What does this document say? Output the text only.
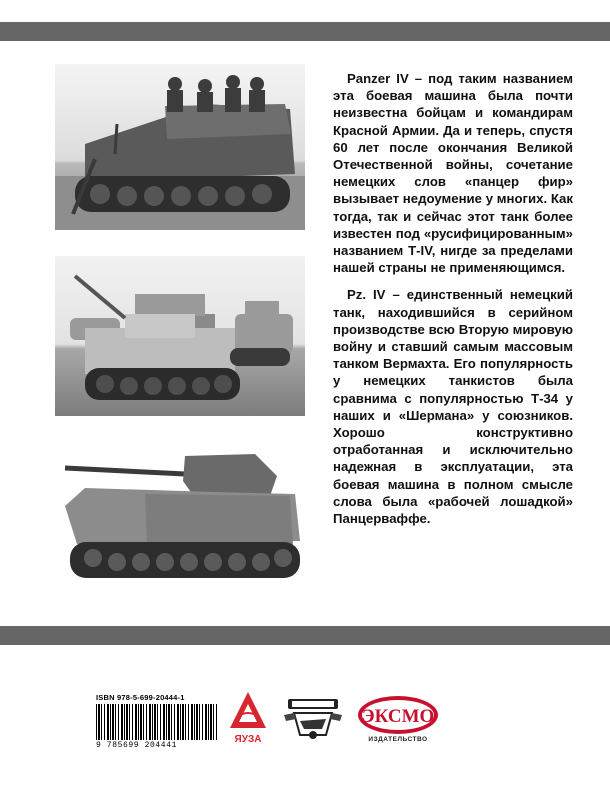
Panzer IV – под таким названием эта боевая машина была почти неизвестна бойцам и командирам Красной Армии. Да и теперь, спустя 60 лет после окончания Великой Отечественной войны, сочетание немецких слов «панцер фир» вызывает недоумение у многих. Как тогда, так и сейчас этот танк более известен под «русифицированным» названием Т-IV, нигде за пределами нашей страны не применяющимся.

Pz. IV – единственный немецкий танк, находившийся в серийном производстве всю Вторую мировую войну и ставший самым массовым танком Вермахта. Его популярность у немецких танкистов была сравнима с популярностью Т-34 у наших и «Шермана» у союзников. Хорошо конструктивно отработанная и исключительно надежная в эксплуатации, эта боевая машина в полном смысле слова была «рабочей лошадкой» Панцерваффе.

ISBN 978-5-699-20444-1
9 785699 204441
ЯУЗА
ЭКСМО
ИЗДАТЕЛЬСТВО
